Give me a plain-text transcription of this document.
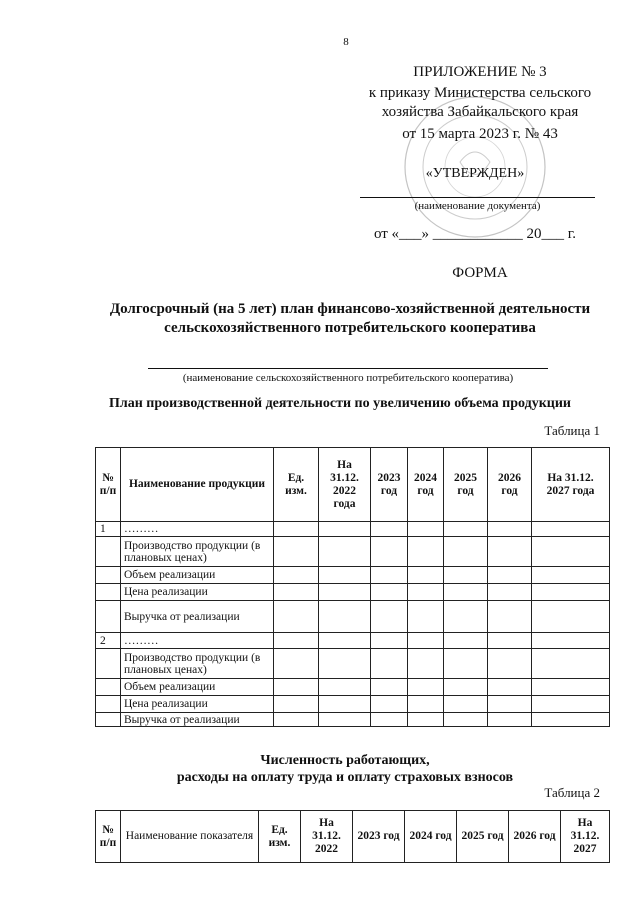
8
ПРИЛОЖЕНИЕ № 3
к приказу Министерства сельского
хозяйства Забайкальского края
от 15 марта 2023 г. № 43
«УТВЕРЖДЕН»
(наименование документа)
от «___» ____________ 20___ г.
ФОРМА
Долгосрочный (на 5 лет) план финансово-хозяйственной деятельности
сельскохозяйственного потребительского кооператива
(наименование сельскохозяйственного потребительского кооператива)
План производственной деятельности по увеличению объема продукции
Таблица 1
№ п/п	Наименование продукции	Ед. изм.	На 31.12. 2022 года	2023 год	2024 год	2025 год	2026 год	На 31.12. 2027 года
1	………							
	Производство продукции (в плановых ценах)							
	Объем реализации							
	Цена реализации							
	Выручка от реализации							
2	………							
	Производство продукции (в плановых ценах)							
	Объем реализации							
	Цена реализации							
	Выручка от реализации							
Численность работающих,
расходы на оплату труда и оплату страховых взносов
Таблица 2
№ п/п	Наименование показателя	Ед. изм.	На 31.12. 2022	2023 год	2024 год	2025 год	2026 год	На 31.12. 2027
